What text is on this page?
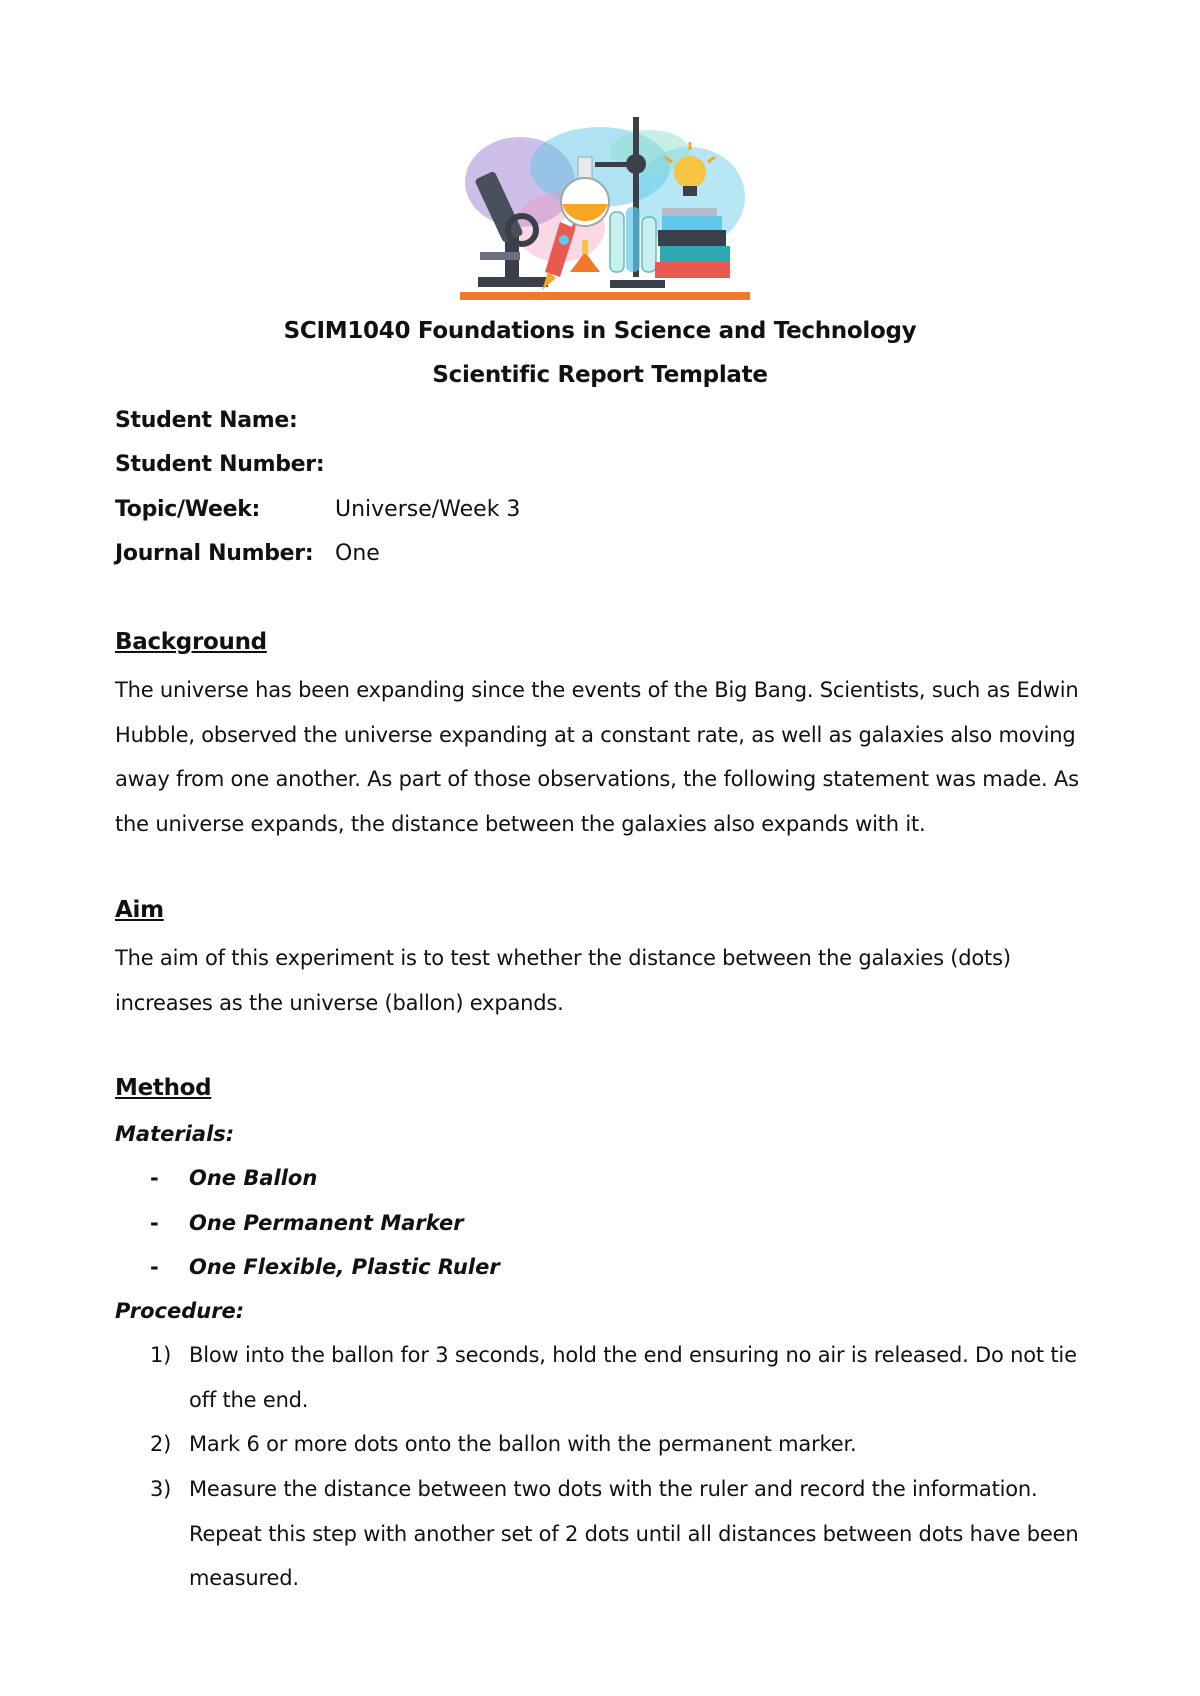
SCIM1040 Foundations in Science and Technology
Scientific Report Template
Student Name:
Student Number:
Topic/Week:	Universe/Week 3
Journal Number: One
Background

The universe has been expanding since the events of the Big Bang. Scientists, such as Edwin Hubble, observed the universe expanding at a constant rate, as well as galaxies also moving away from one another. As part of those observations, the following statement was made. As the universe expands, the distance between the galaxies also expands with it.

Aim

The aim of this experiment is to test whether the distance between the galaxies (dots) increases as the universe (ballon) expands.

Method
Materials:
- One Ballon
- One Permanent Marker
- One Flexible, Plastic Ruler
Procedure:
1) Blow into the ballon for 3 seconds, hold the end ensuring no air is released. Do not tie off the end.
2) Mark 6 or more dots onto the ballon with the permanent marker.
3) Measure the distance between two dots with the ruler and record the information. Repeat this step with another set of 2 dots until all distances between dots have been measured.
